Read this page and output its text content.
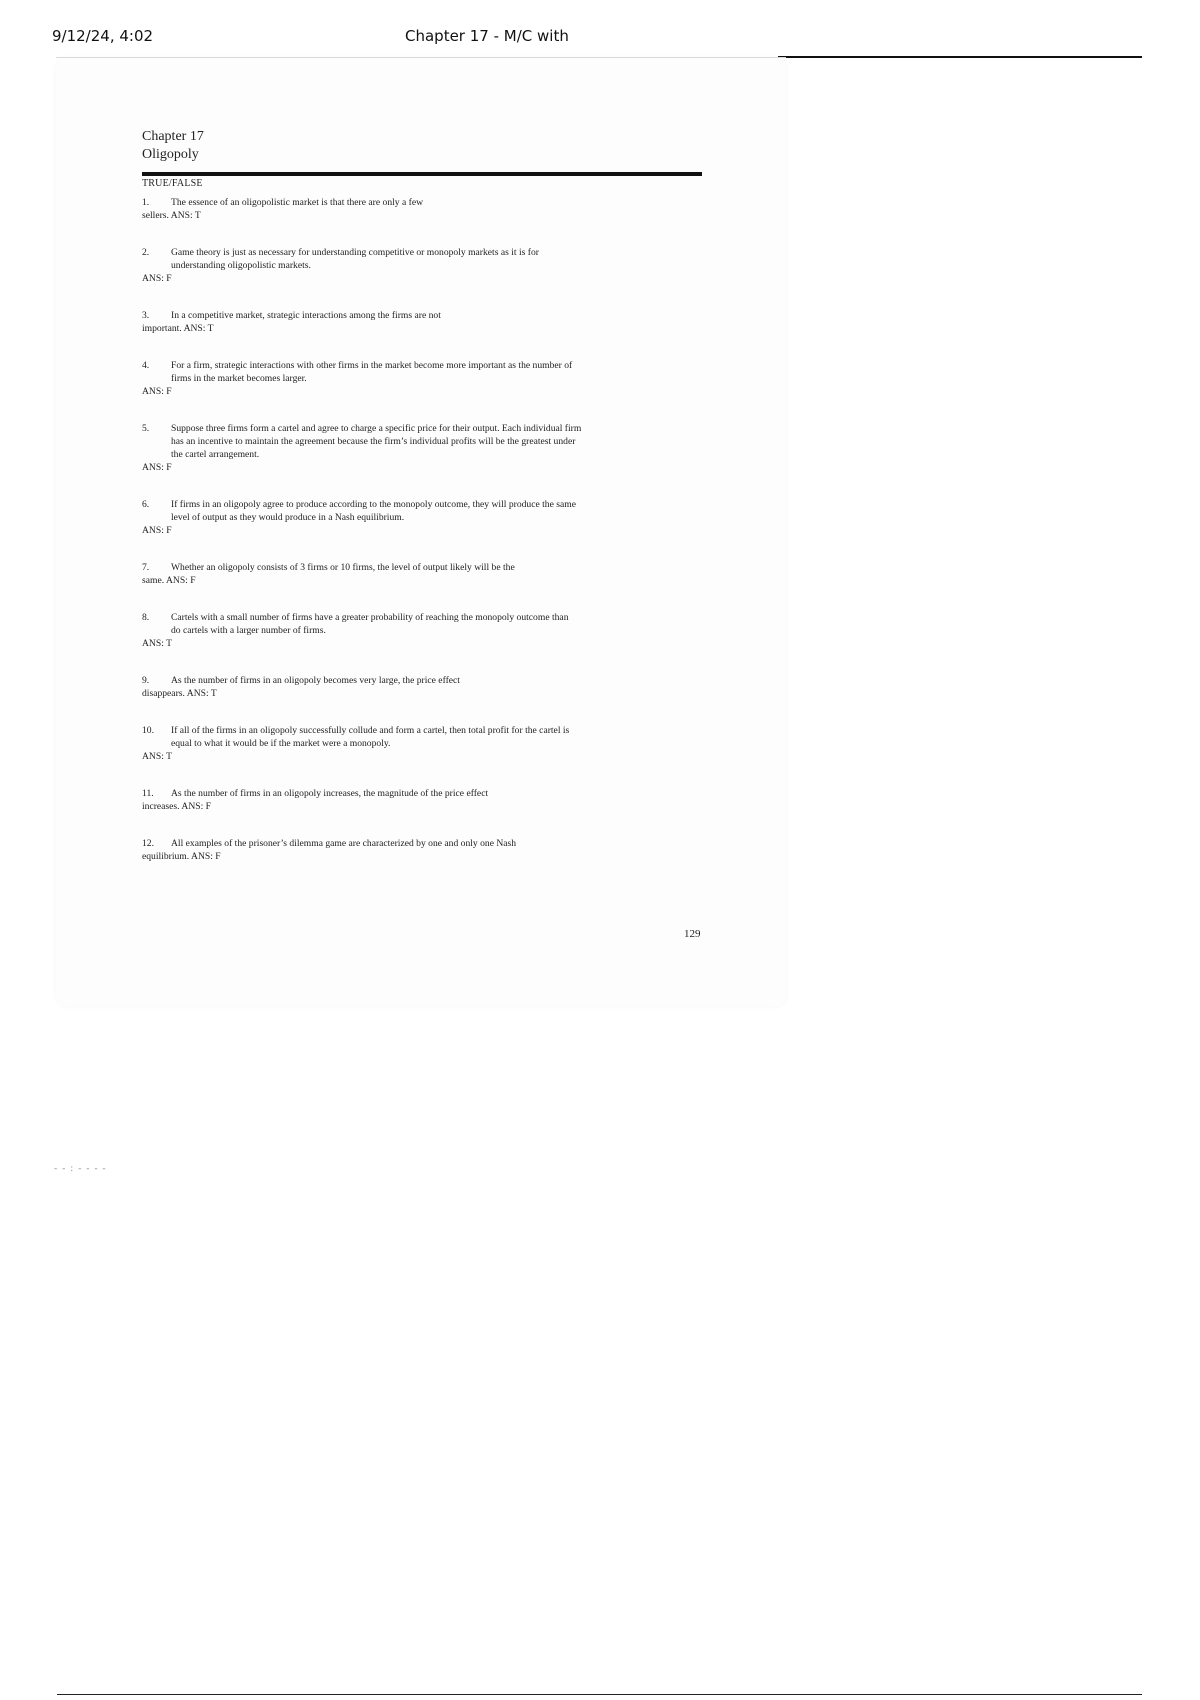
9/12/24, 4:02	Chapter 17 - M/C with

Chapter 17

Oligopoly

TRUE/FALSE

1. The essence of an oligopolistic market is that there are only a few

sellers. ANS: T

2. Game theory is just as necessary for understanding competitive or monopoly markets as it is for
understanding oligopolistic markets.

ANS: F

3. In a competitive market, strategic interactions among the firms are not

important. ANS: T

4. For a firm, strategic interactions with other firms in the market become more important as the number of
firms in the market becomes larger.

ANS: F

5. Suppose three firms form a cartel and agree to charge a specific price for their output. Each individual firm
has an incentive to maintain the agreement because the firm’s individual profits will be the greatest under
the cartel arrangement.

ANS: F

6. If firms in an oligopoly agree to produce according to the monopoly outcome, they will produce the same
level of output as they would produce in a Nash equilibrium.

ANS: F

7. Whether an oligopoly consists of 3 firms or 10 firms, the level of output likely will be the

same. ANS: F

8. Cartels with a small number of firms have a greater probability of reaching the monopoly outcome than
do cartels with a larger number of firms.

ANS: T

9. As the number of firms in an oligopoly becomes very large, the price effect

disappears. ANS: T

10. If all of the firms in an oligopoly successfully collude and form a cartel, then total profit for the cartel is
equal to what it would be if the market were a monopoly.

ANS: T

11. As the number of firms in an oligopoly increases, the magnitude of the price effect

increases. ANS: F

12. All examples of the prisoner’s dilemma game are characterized by one and only one Nash

equilibrium. ANS: F

129
- - : - - - -
